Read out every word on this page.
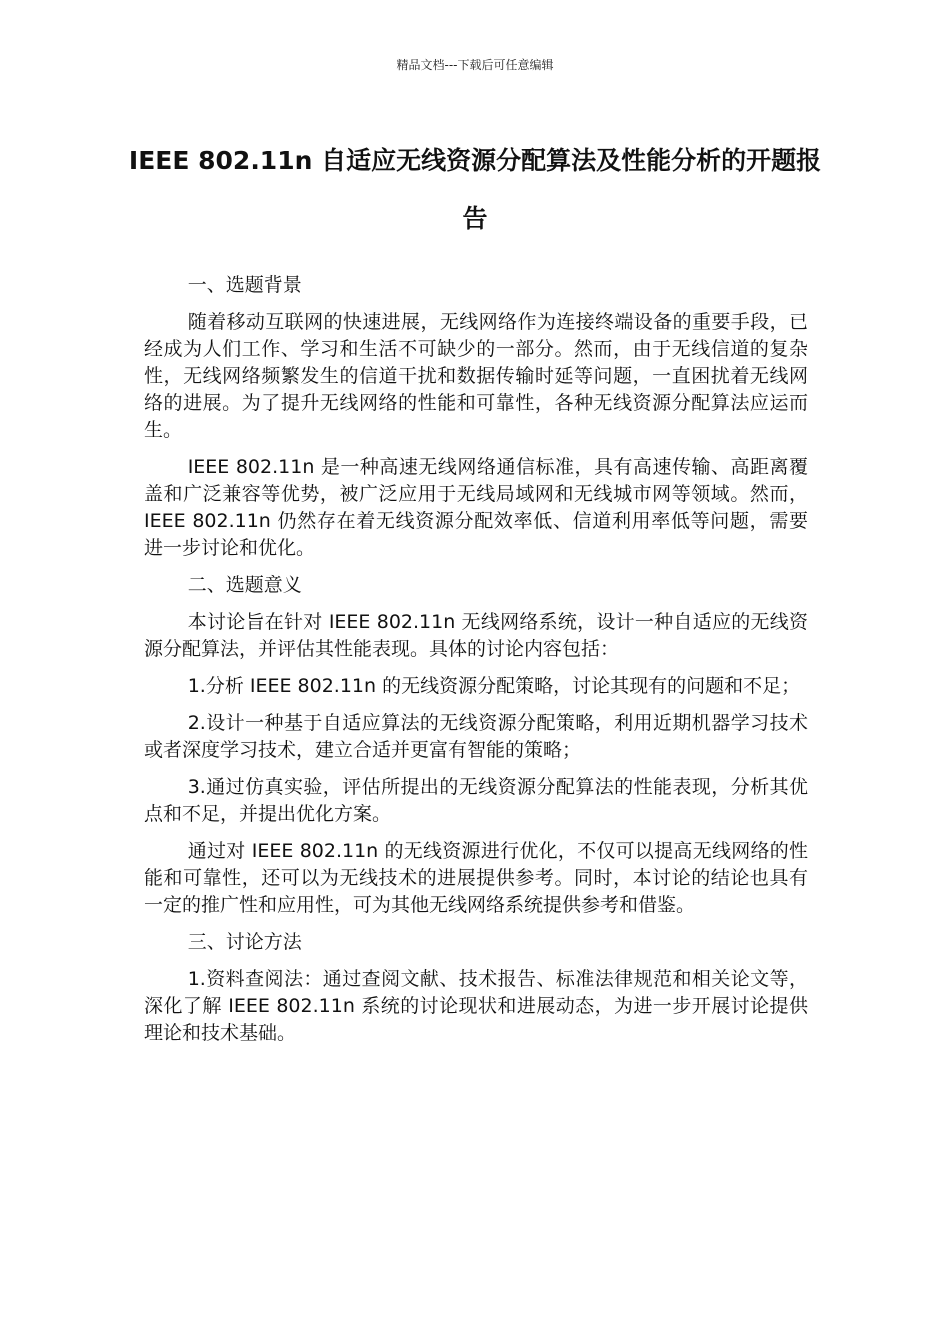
精品文档---下载后可任意编辑
IEEE 802.11n 自适应无线资源分配算法及性能分析的开题报告

一、选题背景

随着移动互联网的快速进展，无线网络作为连接终端设备的重要手段，已经成为人们工作、学习和生活不可缺少的一部分。然而，由于无线信道的复杂性，无线网络频繁发生的信道干扰和数据传输时延等问题，一直困扰着无线网络的进展。为了提升无线网络的性能和可靠性，各种无线资源分配算法应运而生。

IEEE 802.11n 是一种高速无线网络通信标准，具有高速传输、高距离覆盖和广泛兼容等优势，被广泛应用于无线局域网和无线城市网等领域。然而，IEEE 802.11n 仍然存在着无线资源分配效率低、信道利用率低等问题，需要进一步讨论和优化。

二、选题意义

本讨论旨在针对 IEEE 802.11n 无线网络系统，设计一种自适应的无线资源分配算法，并评估其性能表现。具体的讨论内容包括：

1.分析 IEEE 802.11n 的无线资源分配策略，讨论其现有的问题和不足；

2.设计一种基于自适应算法的无线资源分配策略，利用近期机器学习技术或者深度学习技术，建立合适并更富有智能的策略；

3.通过仿真实验，评估所提出的无线资源分配算法的性能表现，分析其优点和不足，并提出优化方案。

通过对 IEEE 802.11n 的无线资源进行优化，不仅可以提高无线网络的性能和可靠性，还可以为无线技术的进展提供参考。同时，本讨论的结论也具有一定的推广性和应用性，可为其他无线网络系统提供参考和借鉴。

三、讨论方法

1.资料查阅法：通过查阅文献、技术报告、标准法律规范和相关论文等，深化了解 IEEE 802.11n 系统的讨论现状和进展动态，为进一步开展讨论提供理论和技术基础。
